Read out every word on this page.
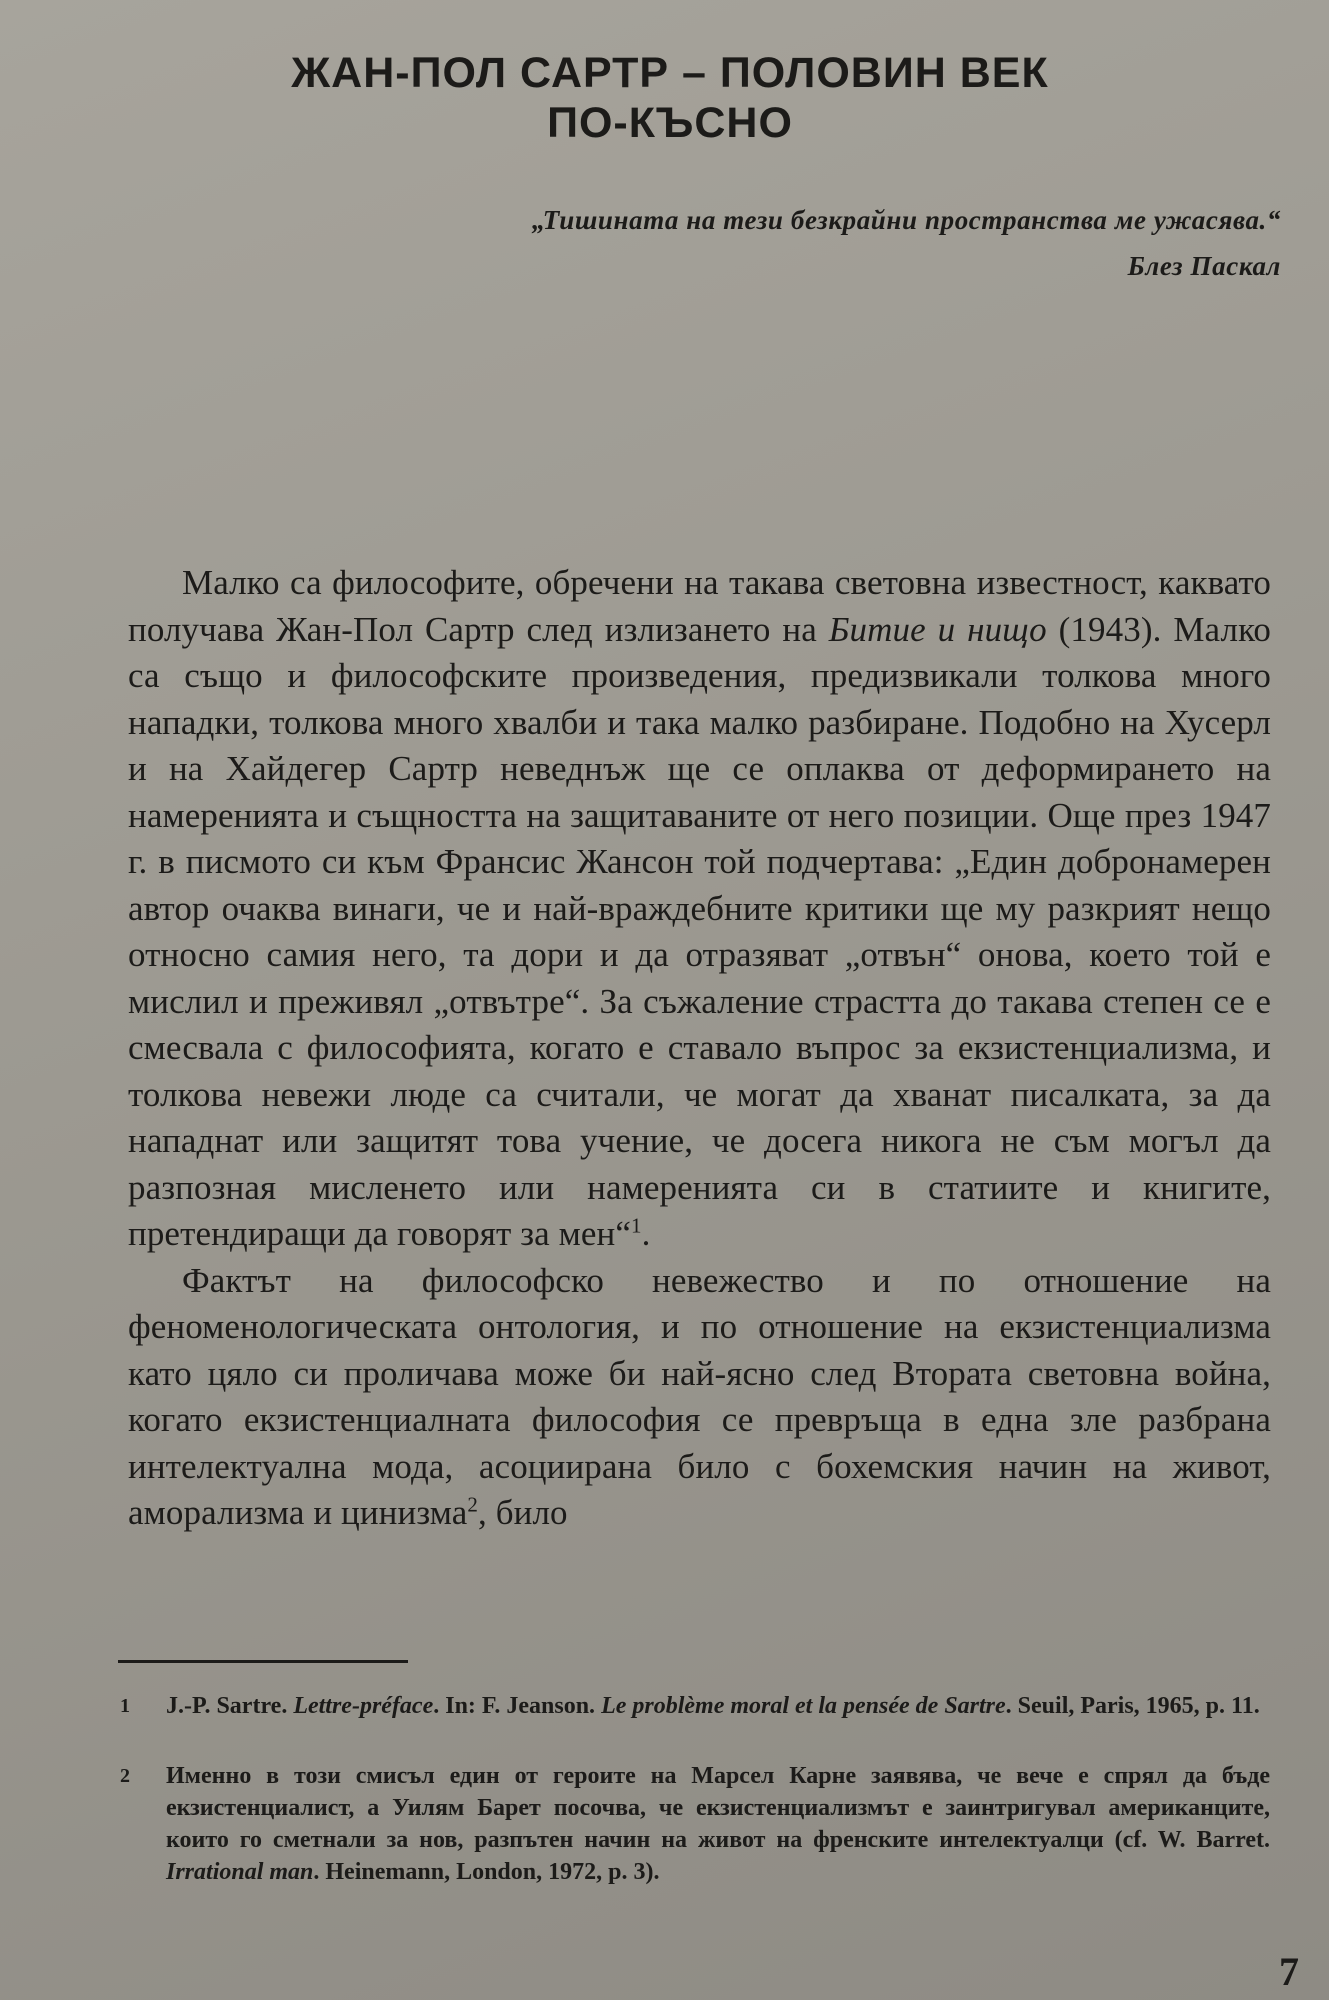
ЖАН-ПОЛ САРТР – ПОЛОВИН ВЕК
ПО-КЪСНО
„Тишината на тези безкрайни пространства ме ужасява.“
Блез Паскал

Малко са философите, обречени на такава световна известност, каквато получава Жан-Пол Сартр след излизането на Битие и нищо (1943). Малко са също и философските произведения, предизвикали толкова много нападки, толкова много хвалби и така малко разбиране. Подобно на Хусерл и на Хайдегер Сартр неведнъж ще се оплаква от деформирането на намеренията и същността на защитаваните от него позиции. Още през 1947 г. в писмото си към Франсис Жансон той подчертава: „Един добронамерен автор очаква винаги, че и най-враждебните критики ще му разкрият нещо относно самия него, та дори и да отразяват „отвън“ онова, което той е мислил и преживял „отвътре“. За съжаление страстта до такава степен се е смесвала с философията, когато е ставало въпрос за екзистенциализма, и толкова невежи люде са считали, че могат да хванат писалката, за да нападнат или защитят това учение, че досега никога не съм могъл да разпозная мисленето или намеренията си в статиите и книгите, претендиращи да говорят за мен“$^1$.

Фактът на философско невежество и по отношение на феноменологическата онтология, и по отношение на екзистенциализма като цяло си проличава може би най-ясно след Втората световна война, когато екзистенциалната философия се превръща в една зле разбрана интелектуална мода, асоциирана било с бохемския начин на живот, аморализма и цинизма$^2$, било

1 J.-P. Sartre. Lettre-préface. In: F. Jeanson. Le problème moral et la pensée de Sartre. Seuil, Paris, 1965, p. 11.
2 Именно в този смисъл един от героите на Марсел Карне заявява, че вече е спрял да бъде екзистенциалист, а Уилям Барет посочва, че екзистенциализмът е заинтригувал американците, които го сметнали за нов, разпътен начин на живот на френските интелектуалци (cf. W. Barret. Irrational man. Heinemann, London, 1972, p. 3).
7
